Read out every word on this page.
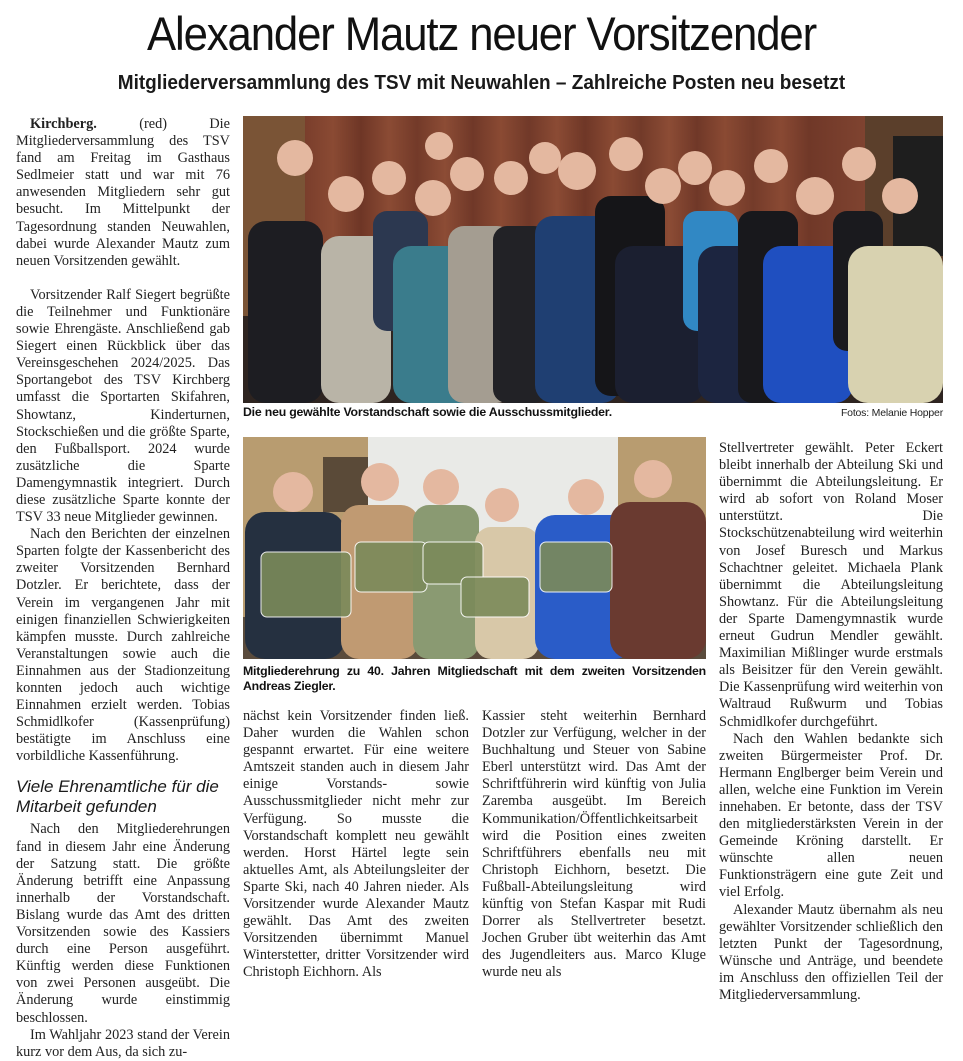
Alexander Mautz neuer Vorsitzender
Mitgliederversammlung des TSV mit Neuwahlen – Zahlreiche Posten neu besetzt

Kirchberg. (red) Die Mitgliederversammlung des TSV fand am Freitag im Gasthaus Sedlmeier statt und war mit 76 anwesenden Mitgliedern sehr gut besucht. Im Mittelpunkt der Tagesordnung standen Neuwahlen, dabei wurde Alexander Mautz zum neuen Vorsitzenden gewählt.

Vorsitzender Ralf Siegert begrüßte die Teilnehmer und Funktionäre sowie Ehrengäste. Anschließend gab Siegert einen Rückblick über das Vereinsgeschehen 2024/2025. Das Sportangebot des TSV Kirchberg umfasst die Sportarten Skifahren, Showtanz, Kinderturnen, Stockschießen und die größte Sparte, den Fußballsport. 2024 wurde zusätzliche die Sparte Damengymnastik integriert. Durch diese zusätzliche Sparte konnte der TSV 33 neue Mitglieder gewinnen.

Nach den Berichten der einzelnen Sparten folgte der Kassenbericht des zweiter Vorsitzenden Bernhard Dotzler. Er berichtete, dass der Verein im vergangenen Jahr mit einigen finanziellen Schwierigkeiten kämpfen musste. Durch zahlreiche Veranstaltungen sowie auch die Einnahmen aus der Stadionzeitung konnten jedoch auch wichtige Einnahmen erzielt werden. Tobias Schmidlkofer (Kassenprüfung) bestätigte im Anschluss eine vorbildliche Kassenführung.

Viele Ehrenamtliche für die Mitarbeit gefunden

Nach den Mitgliederehrungen fand in diesem Jahr eine Änderung der Satzung statt. Die größte Änderung betrifft eine Anpassung innerhalb der Vorstandschaft. Bislang wurde das Amt des dritten Vorsitzenden sowie des Kassiers durch eine Person ausgeführt. Künftig werden diese Funktionen von zwei Personen ausgeübt. Die Änderung wurde einstimmig beschlossen.

Im Wahljahr 2023 stand der Verein kurz vor dem Aus, da sich zu-

Die neu gewählte Vorstandschaft sowie die Ausschussmitglieder.	Fotos: Melanie Hopper
Mitgliederehrung zu 40. Jahren Mitgliedschaft mit dem zweiten Vorsitzenden Andreas Ziegler.

nächst kein Vorsitzender finden ließ. Daher wurden die Wahlen schon gespannt erwartet. Für eine weitere Amtszeit standen auch in diesem Jahr einige Vorstands- sowie Ausschussmitglieder nicht mehr zur Verfügung. So musste die Vorstandschaft komplett neu gewählt werden. Horst Härtel legte sein aktuelles Amt, als Abteilungsleiter der Sparte Ski, nach 40 Jahren nieder. Als Vorsitzender wurde Alexander Mautz gewählt. Das Amt des zweiten Vorsitzenden übernimmt Manuel Winterstetter, dritter Vorsitzender wird Christoph Eichhorn. Als

Kassier steht weiterhin Bernhard Dotzler zur Verfügung, welcher in der Buchhaltung und Steuer von Sabine Eberl unterstützt wird. Das Amt der Schriftführerin wird künftig von Julia Zaremba ausgeübt. Im Bereich Kommunikation/Öffentlichkeitsarbeit wird die Position eines zweiten Schriftführers ebenfalls neu mit Christoph Eichhorn, besetzt. Die Fußball-Abteilungsleitung wird künftig von Stefan Kaspar mit Rudi Dorrer als Stellvertreter besetzt. Jochen Gruber übt weiterhin das Amt des Jugendleiters aus. Marco Kluge wurde neu als

Stellvertreter gewählt. Peter Eckert bleibt innerhalb der Abteilung Ski und übernimmt die Abteilungsleitung. Er wird ab sofort von Roland Moser unterstützt. Die Stockschützenabteilung wird weiterhin von Josef Buresch und Markus Schachtner geleitet. Michaela Plank übernimmt die Abteilungsleitung Showtanz. Für die Abteilungsleitung der Sparte Damengymnastik wurde erneut Gudrun Mendler gewählt. Maximilian Mißlinger wurde erstmals als Beisitzer für den Verein gewählt. Die Kassenprüfung wird weiterhin von Waltraud Rußwurm und Tobias Schmidlkofer durchgeführt.

Nach den Wahlen bedankte sich zweiten Bürgermeister Prof. Dr. Hermann Englberger beim Verein und allen, welche eine Funktion im Verein innehaben. Er betonte, dass der TSV den mitgliederstärksten Verein in der Gemeinde Kröning darstellt. Er wünschte allen neuen Funktionsträgern eine gute Zeit und viel Erfolg.

Alexander Mautz übernahm als neu gewählter Vorsitzender schließlich den letzten Punkt der Tagesordnung, Wünsche und Anträge, und beendete im Anschluss den offiziellen Teil der Mitgliederversammlung.
